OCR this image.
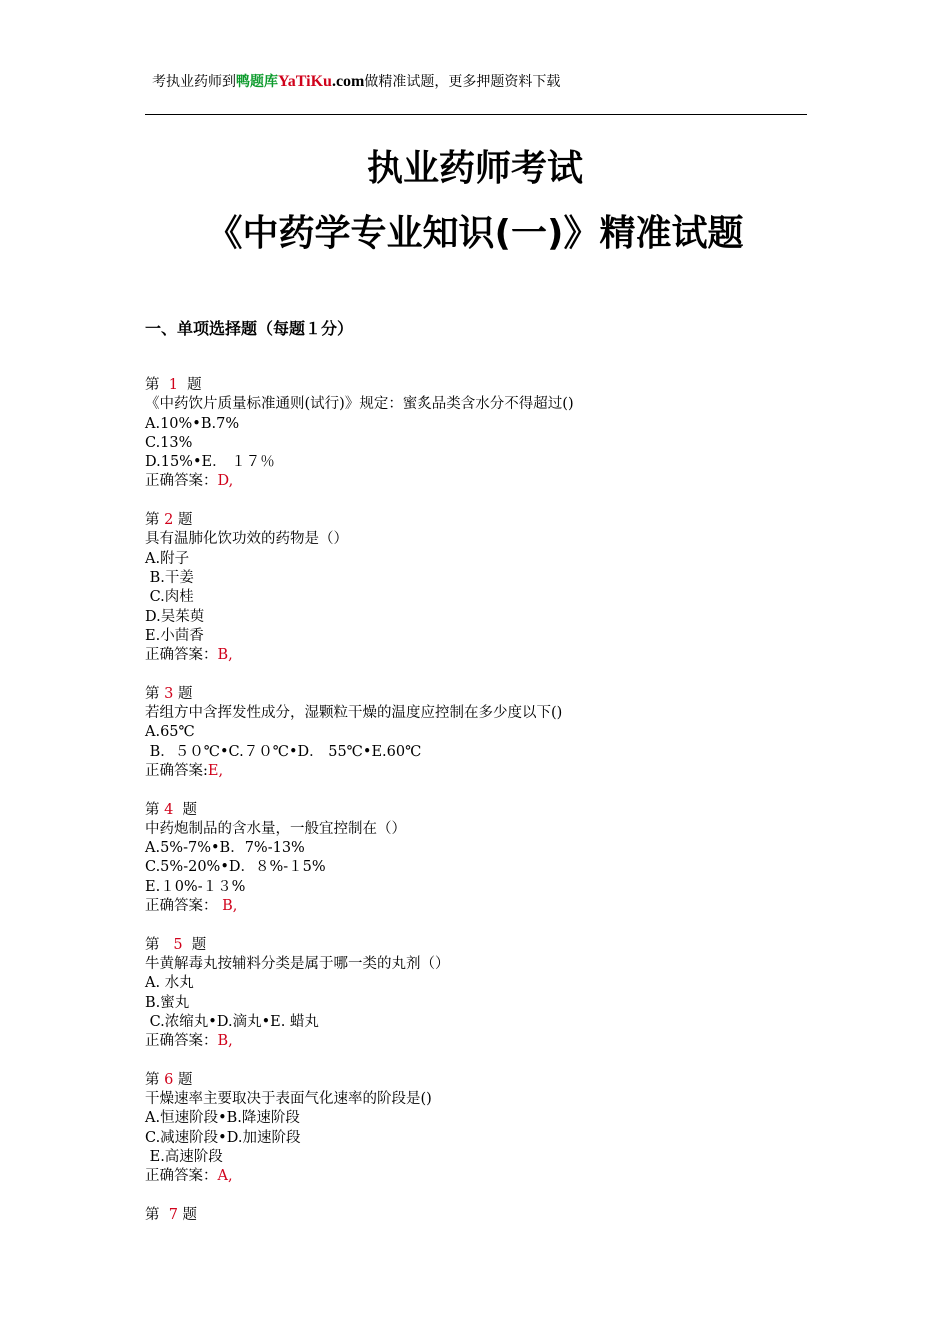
考执业药师到鸭题库YaTiKu.com做精准试题，更多押题资料下载
执业药师考试
《中药学专业知识(一)》精准试题
一、单项选择题（每题１分）
第  1  题
《中药饮片质量标准通则(试行)》规定：蜜炙品类含水分不得超过()
A.10%•B.7%
C.13%
D.15%•E． １７％
正确答案：D,
第 2 题
具有温肺化饮功效的药物是（）
A.附子
B.干姜
C.肉桂
D.吴茱萸
E.小茴香
正确答案：B,
第 3 题
若组方中含挥发性成分，湿颗粒干燥的温度应控制在多少度以下()
A.65℃
B．５０℃•C.７０℃•D． 55℃•E.60℃
正确答案:E,
第 4  题
中药炮制品的含水量，一般宜控制在（）
A.5%-7%•B．7%-13%
C.5%-20%•D．８%-１5%
E.１0%-１３%
正确答案： B,
第   5  题
牛黄解毒丸按辅料分类是属于哪一类的丸剂（）
A. 水丸
B.蜜丸
C.浓缩丸•D.滴丸•E. 蜡丸
正确答案：B,
第 6 题
干燥速率主要取决于表面气化速率的阶段是()
A.恒速阶段•B.降速阶段
C.减速阶段•D.加速阶段
E.高速阶段
正确答案：A,
第  7 题
